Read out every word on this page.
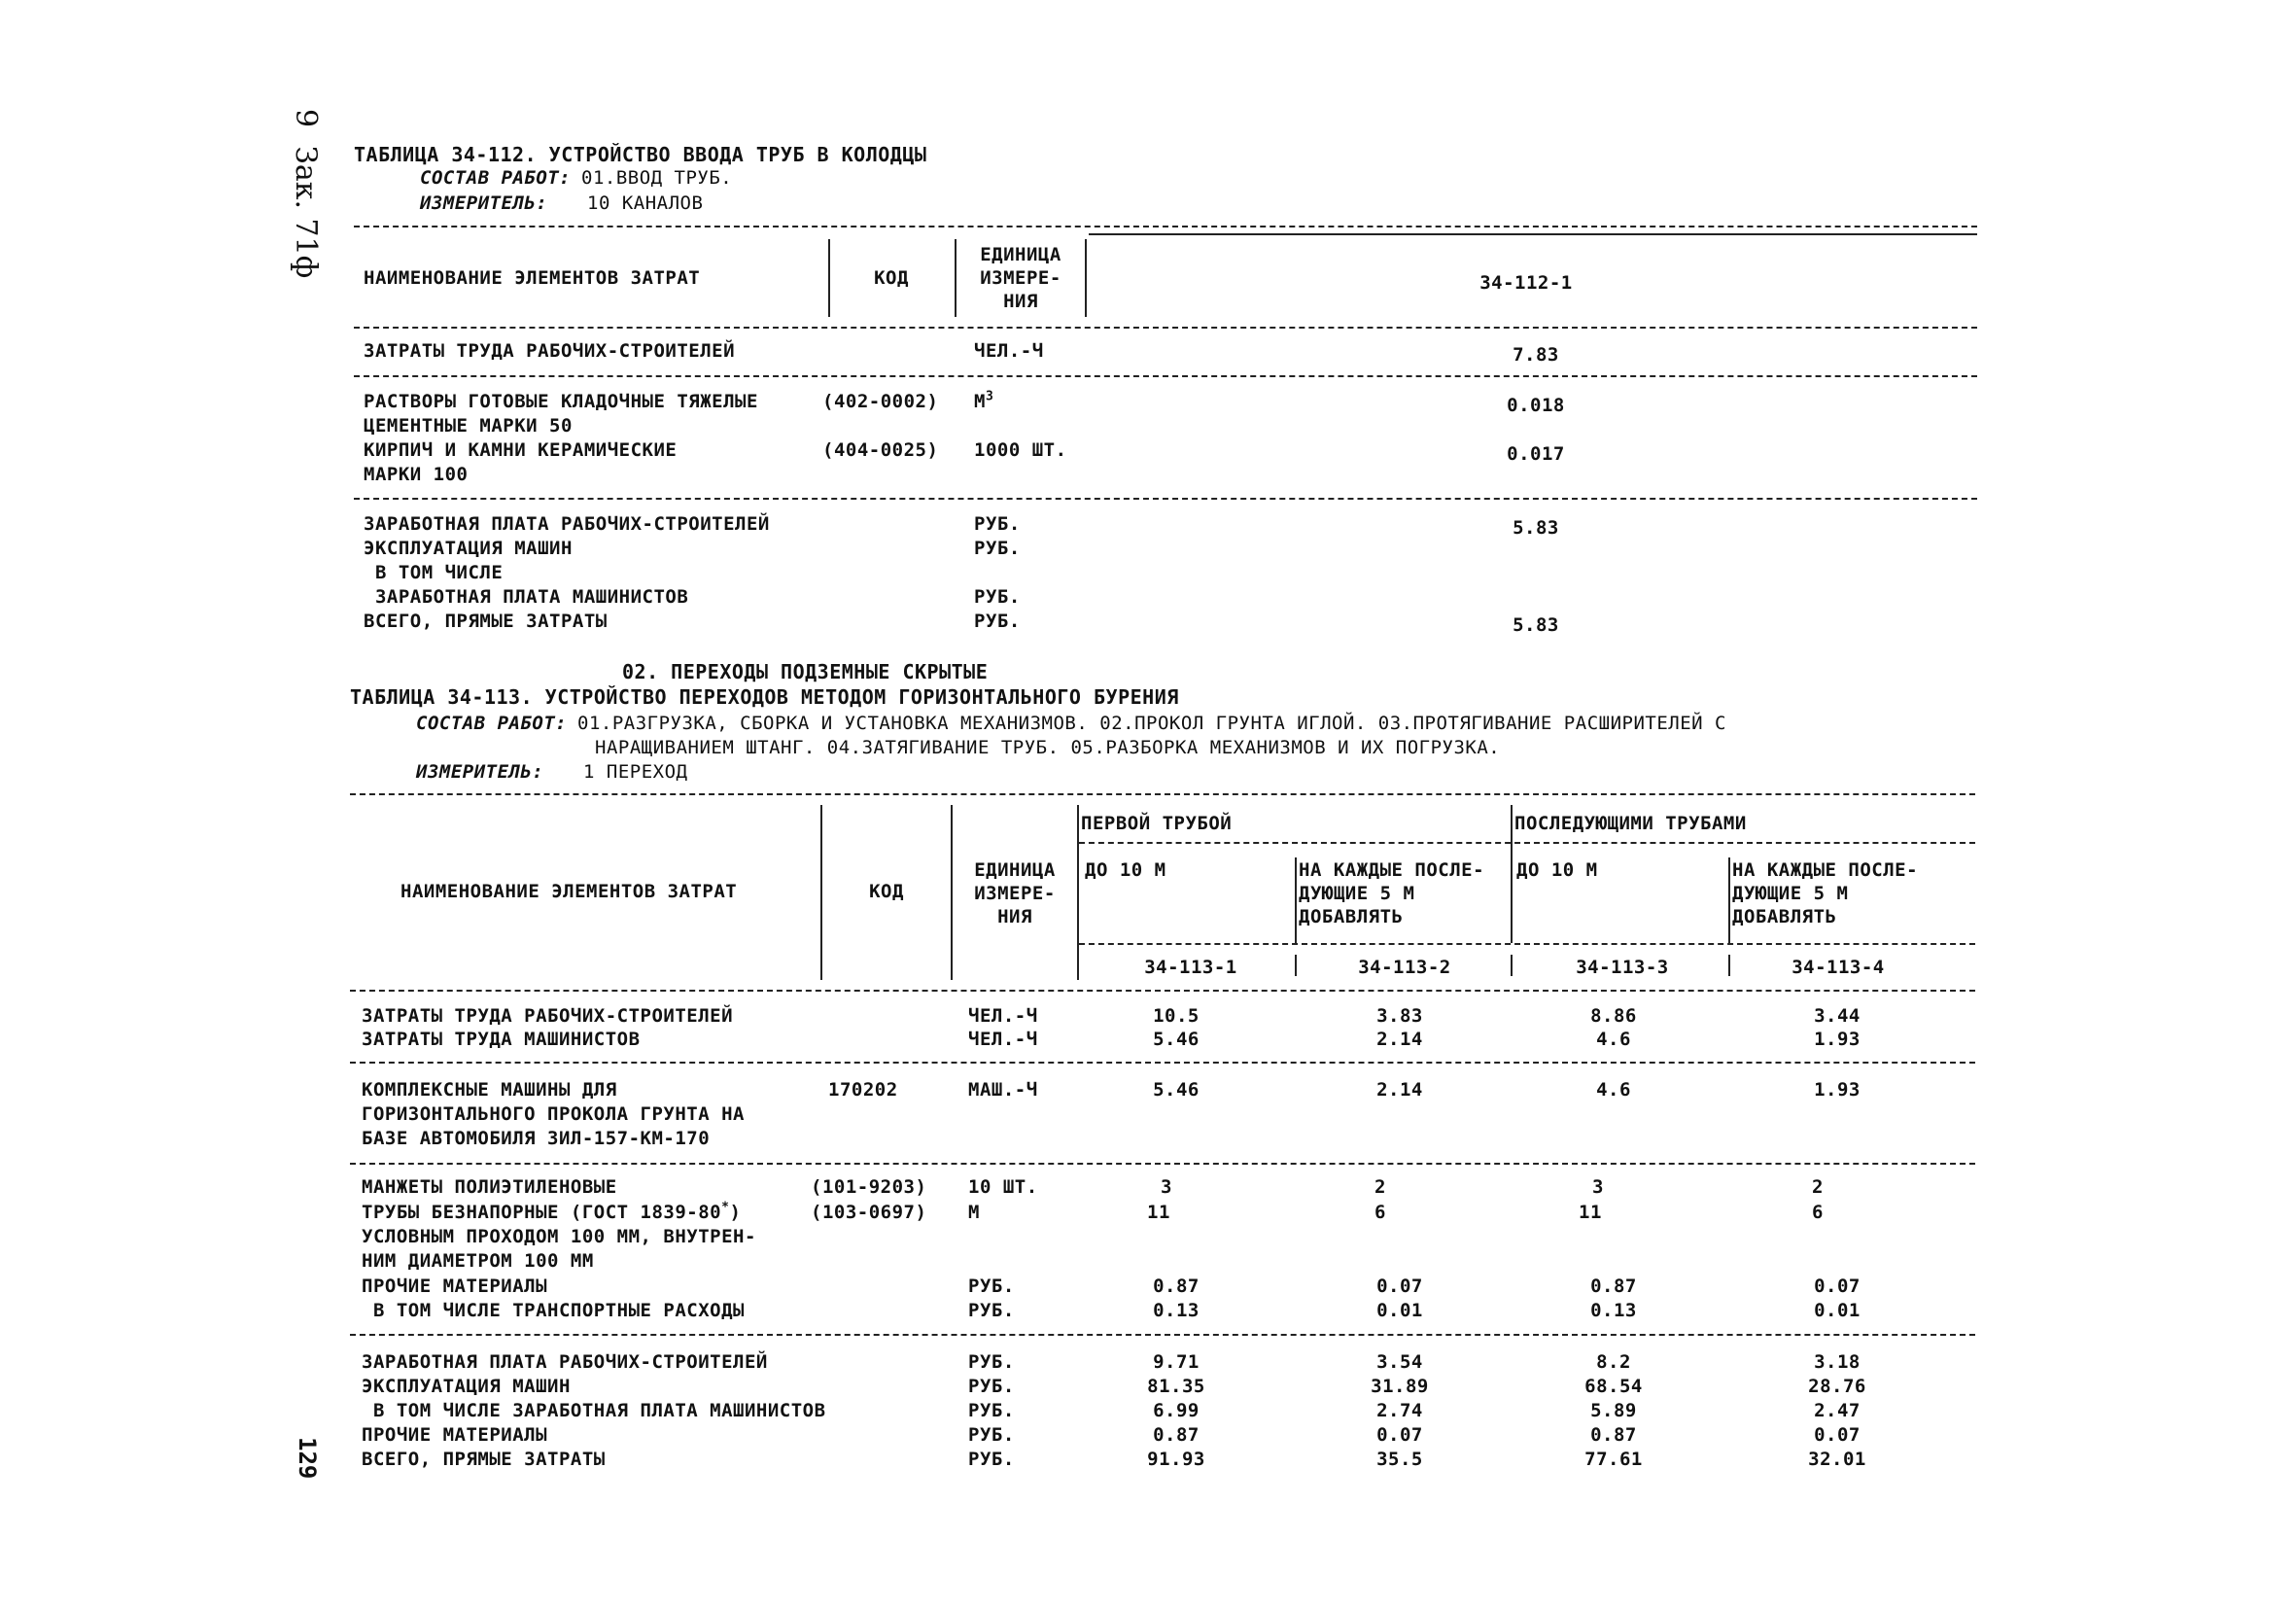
9  Зак. 71ф
129
ТАБЛИЦА 34-112. УСТРОЙСТВО ВВОДА ТРУБ В КОЛОДЦЫ
СОСТАВ РАБОТ: 01.ВВОД ТРУБ.
ИЗМЕРИТЕЛЬ: 10 КАНАЛОВ
НАИМЕНОВАНИЕ ЭЛЕМЕНТОВ ЗАТРАТ	КОД
ЕДИНИЦА
ИЗМЕРЕ-
НИЯ
34-112-1
ЗАТРАТЫ ТРУДА РАБОЧИХ-СТРОИТЕЛЕЙ	ЧЕЛ.-Ч	7.83
РАСТВОРЫ ГОТОВЫЕ КЛАДОЧНЫЕ ТЯЖЕЛЫЕ	(402-0002) $М^3$	0.018
ЦЕМЕНТНЫЕ МАРКИ 50
КИРПИЧ И КАМНИ КЕРАМИЧЕСКИЕ	(404-0025) 1000 ШТ.	0.017
МАРКИ 100
ЗАРАБОТНАЯ ПЛАТА РАБОЧИХ-СТРОИТЕЛЕЙ	РУБ.	5.83
ЭКСПЛУАТАЦИЯ МАШИН	РУБ.
В ТОМ ЧИСЛЕ
ЗАРАБОТНАЯ ПЛАТА МАШИНИСТОВ	РУБ.
ВСЕГО, ПРЯМЫЕ ЗАТРАТЫ	РУБ.	5.83
02. ПЕРЕХОДЫ ПОДЗЕМНЫЕ СКРЫТЫЕ
ТАБЛИЦА 34-113. УСТРОЙСТВО ПЕРЕХОДОВ МЕТОДОМ ГОРИЗОНТАЛЬНОГО БУРЕНИЯ
СОСТАВ РАБОТ: 01.РАЗГРУЗКА, СБОРКА И УСТАНОВКА МЕХАНИЗМОВ. 02.ПРОКОЛ ГРУНТА ИГЛОЙ. 03.ПРОТЯГИВАНИЕ РАСШИРИТЕЛЕЙ С
НАРАЩИВАНИЕМ ШТАНГ. 04.ЗАТЯГИВАНИЕ ТРУБ. 05.РАЗБОРКА МЕХАНИЗМОВ И ИХ ПОГРУЗКА.
ИЗМЕРИТЕЛЬ: 1 ПЕРЕХОД
НАИМЕНОВАНИЕ ЭЛЕМЕНТОВ ЗАТРАТ	КОД
ЕДИНИЦА
ИЗМЕРЕ-
НИЯ
ПЕРВОЙ ТРУБОЙ	ПОСЛЕДУЮЩИМИ ТРУБАМИ
ДО 10 М	НА КАЖДЫЕ ПОСЛЕ-
ДУЮЩИЕ 5 М
ДОБАВЛЯТЬ
ДО 10 М	НА КАЖДЫЕ ПОСЛЕ-
ДУЮЩИЕ 5 М
ДОБАВЛЯТЬ
34-113-1	34-113-2	34-113-3	34-113-4
ЗАТРАТЫ ТРУДА РАБОЧИХ-СТРОИТЕЛЕЙ	ЧЕЛ.-Ч	10.5	3.83	8.86	3.44
ЗАТРАТЫ ТРУДА МАШИНИСТОВ	ЧЕЛ.-Ч	5.46	2.14	4.6	1.93
КОМПЛЕКСНЫЕ МАШИНЫ ДЛЯ
ГОРИЗОНТАЛЬНОГО ПРОКОЛА ГРУНТА НА
БАЗЕ АВТОМОБИЛЯ ЗИЛ-157-КМ-170
170202	МАШ.-Ч	5.46	2.14	4.6	1.93
МАНЖЕТЫ ПОЛИЭТИЛЕНОВЫЕ	(101-9203) 10 ШТ.	3	2	3	2
ТРУБЫ БЕЗНАПОРНЫЕ (ГОСТ 1839-80*)
УСЛОВНЫМ ПРОХОДОМ 100 ММ, ВНУТРЕН-
НИМ ДИАМЕТРОМ 100 ММ
(103-0697) М	11	6	11	6
ПРОЧИЕ МАТЕРИАЛЫ	РУБ.	0.87	0.07	0.87	0.07
В ТОМ ЧИСЛЕ ТРАНСПОРТНЫЕ РАСХОДЫ	РУБ.	0.13	0.01	0.13	0.01
ЗАРАБОТНАЯ ПЛАТА РАБОЧИХ-СТРОИТЕЛЕЙ	РУБ.	9.71	3.54	8.2	3.18
ЭКСПЛУАТАЦИЯ МАШИН	РУБ.	81.35	31.89	68.54	28.76
В ТОМ ЧИСЛЕ ЗАРАБОТНАЯ ПЛАТА МАШИНИСТОВ	РУБ.	6.99	2.74	5.89	2.47
ПРОЧИЕ МАТЕРИАЛЫ	РУБ.	0.87	0.07	0.87	0.07
ВСЕГО, ПРЯМЫЕ ЗАТРАТЫ	РУБ.	91.93	35.5	77.61	32.01
